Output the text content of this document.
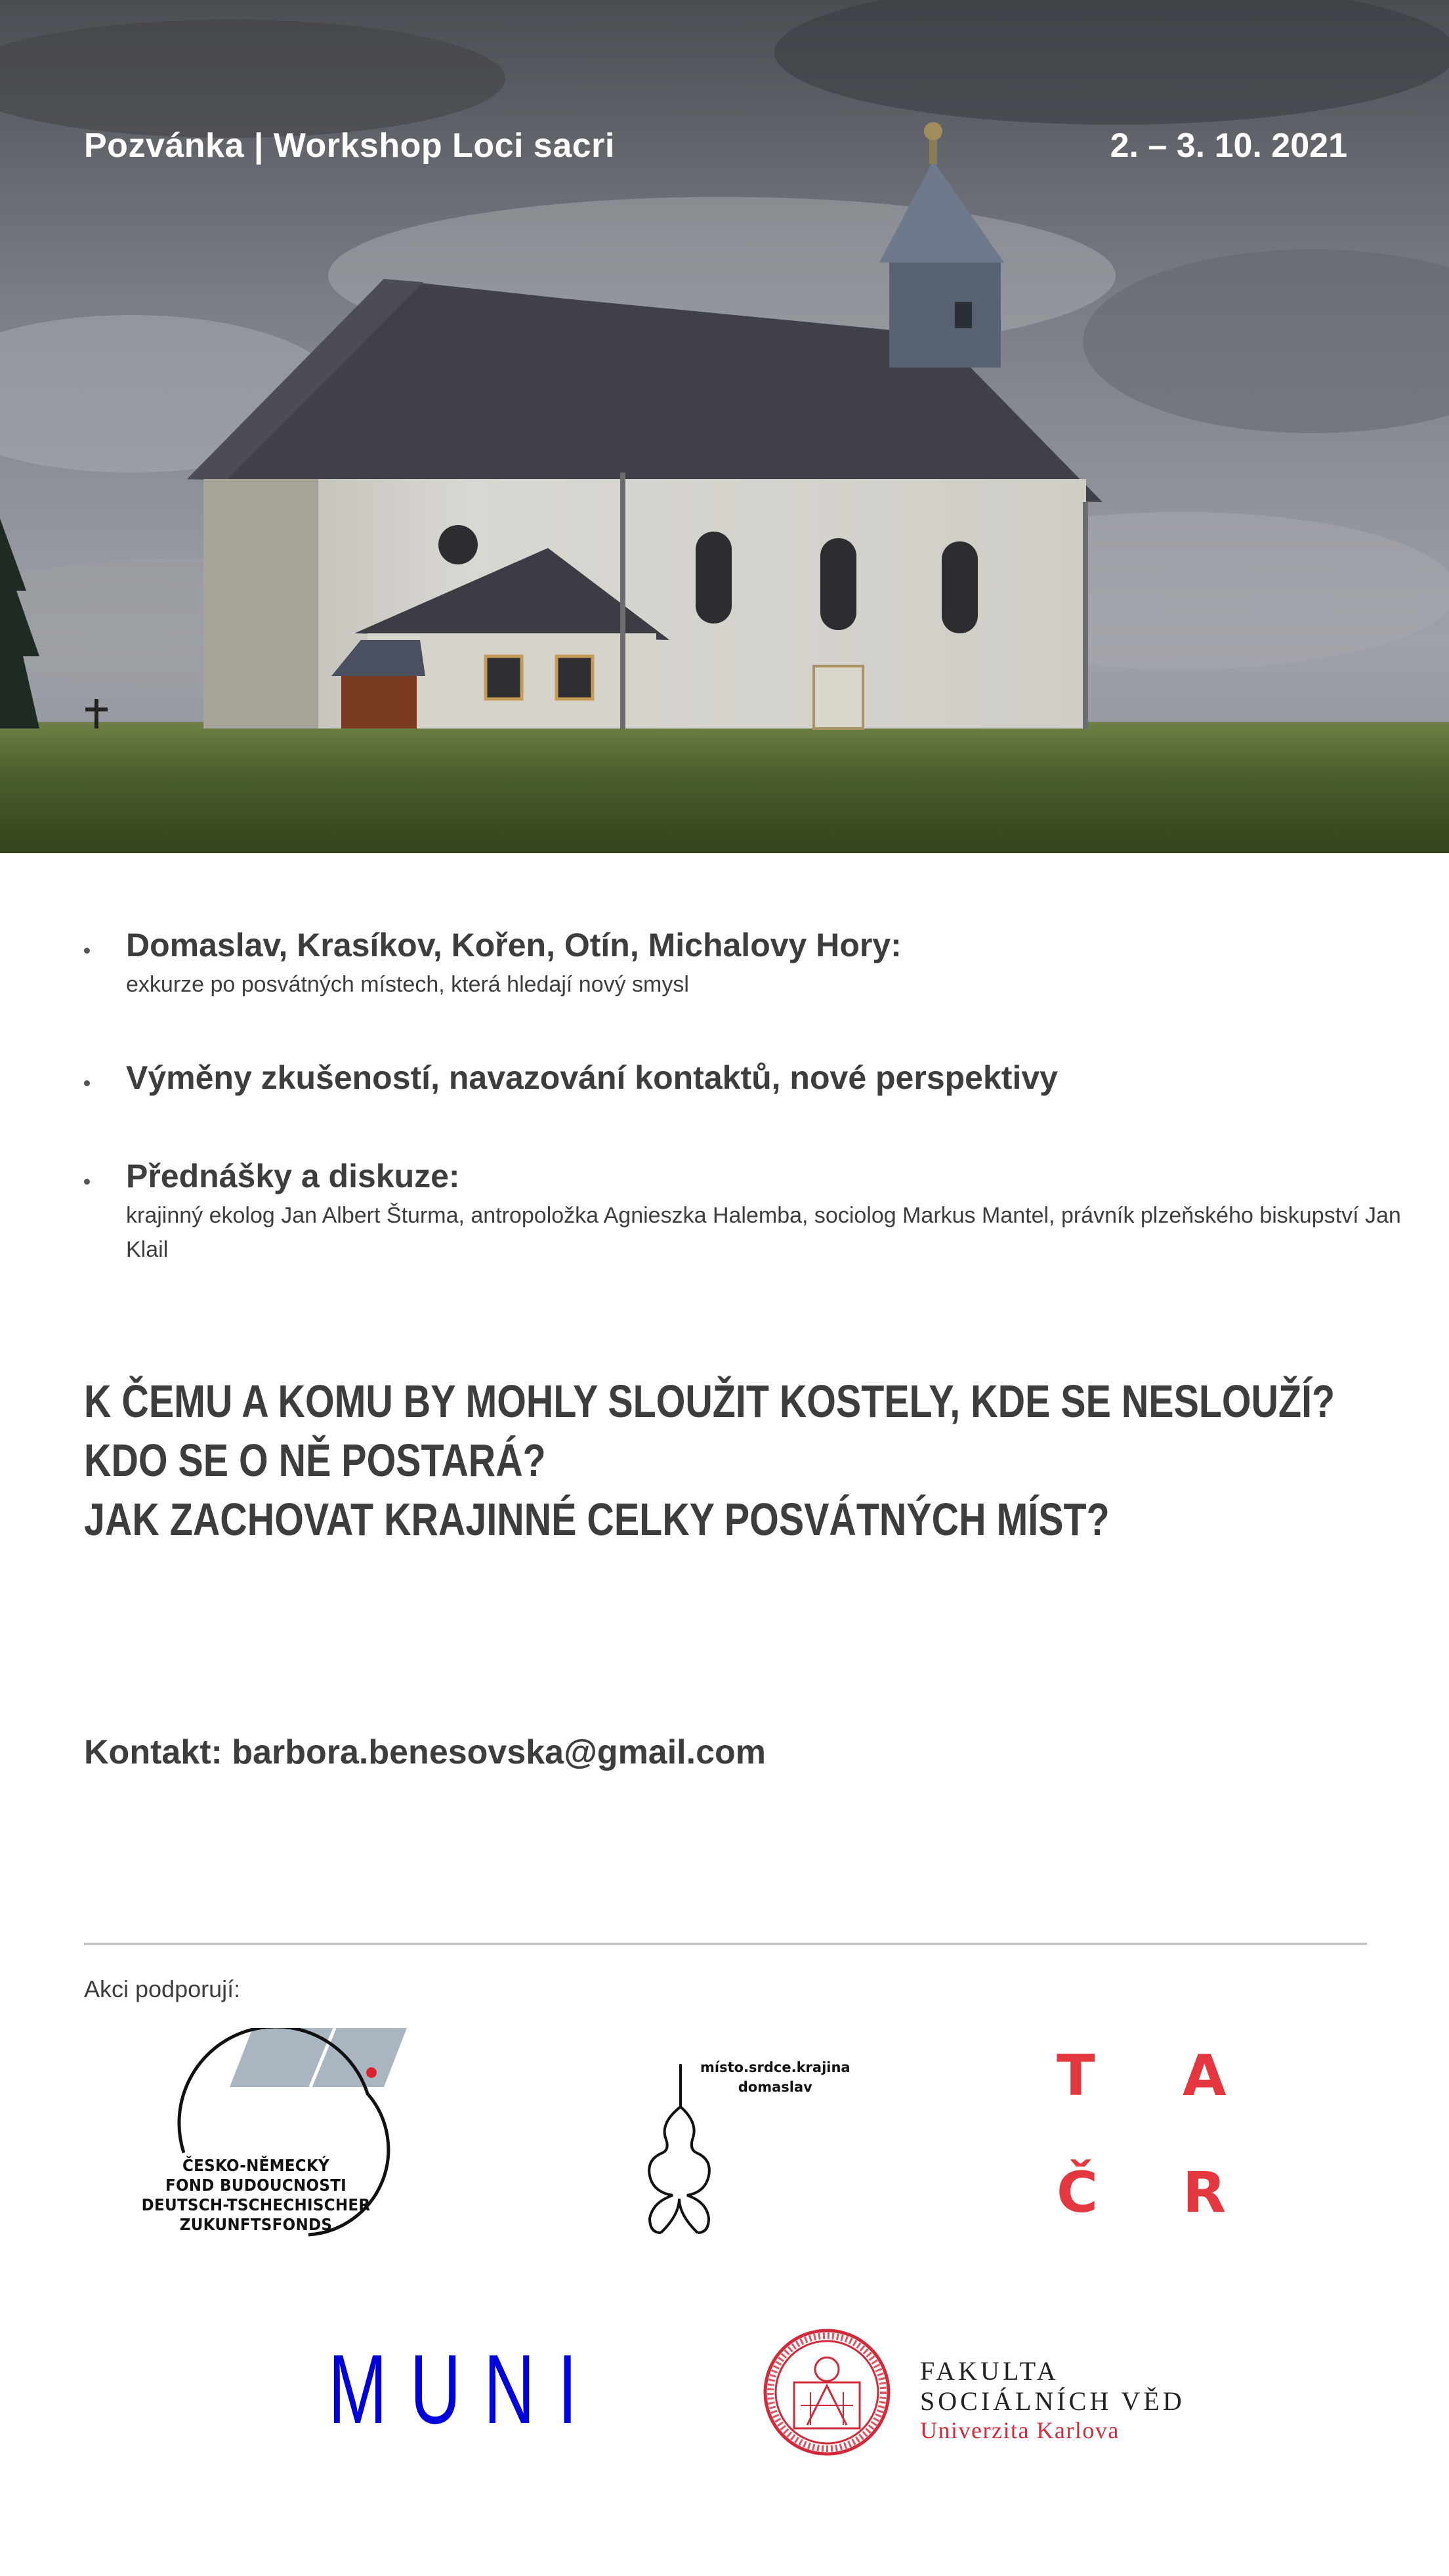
Pozvánka | Workshop Loci sacri	2. – 3. 10. 2021
Domaslav, Krasíkov, Kořen, Otín, Michalovy Hory:
exkurze po posvátných místech, která hledají nový smysl
Výměny zkušeností, navazování kontaktů, nové perspektivy
Přednášky a diskuze:
krajinný ekolog Jan Albert Šturma, antropoložka Agnieszka Halemba, sociolog Markus Mantel, právník plzeňského biskupství Jan Klail
K ČEMU A KOMU BY MOHLY SLOUŽIT KOSTELY, KDE SE NESLOUŽÍ?
KDO SE O NĚ POSTARÁ?
JAK ZACHOVAT KRAJINNÉ CELKY POSVÁTNÝCH MÍST?
Kontakt: barbora.benesovska@gmail.com
Akci podporují:
ČESKO-NĚMECKÝ
FOND BUDOUCNOSTI
DEUTSCH-TSCHECHISCHER
ZUKUNFTSFONDS
místo.srdce.krajina
domaslav	T A
Č R
MUNI	FAKULTA
SOCIÁLNÍCH VĚD
Univerzita Karlova
